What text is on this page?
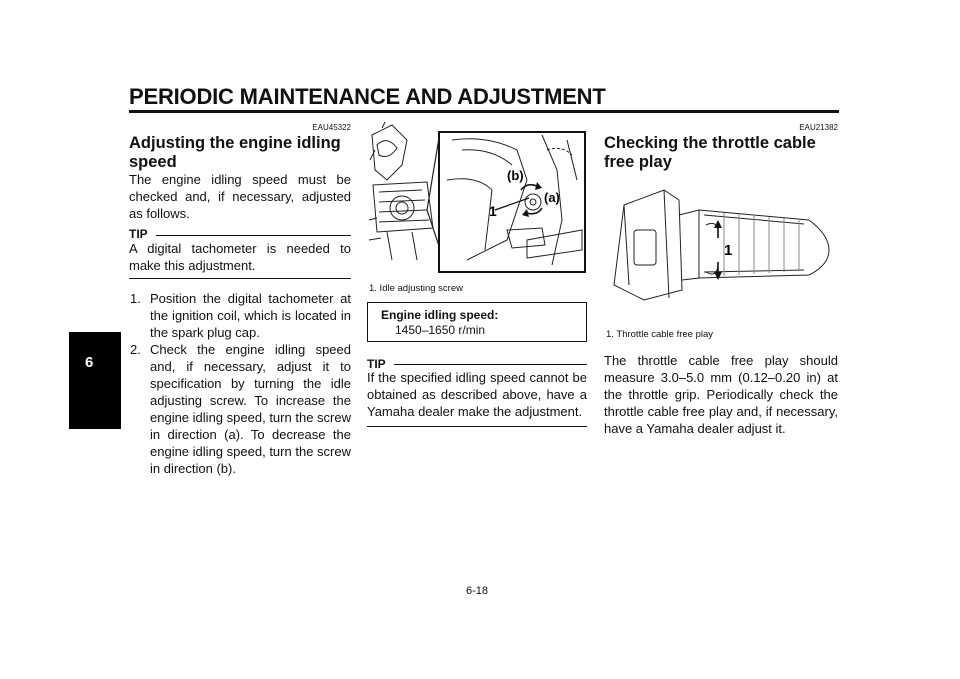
PERIODIC MAINTENANCE AND ADJUSTMENT
6
EAU45322
Adjusting the engine idling speed

The engine idling speed must be checked and, if necessary, adjusted as follows.

TIP
A digital tachometer is needed to make this adjustment.
1. Position the digital tachometer at the ignition coil, which is located in the spark plug cap.
2. Check the engine idling speed and, if necessary, adjust it to specification by turning the idle adjusting screw. To increase the engine idling speed, turn the screw in direction (a). To decrease the engine idling speed, turn the screw in direction (b).
(b)
(a)
1
1. Idle adjusting screw
Engine idling speed:
1450–1650 r/min
TIP
If the specified idling speed cannot be obtained as described above, have a Yamaha dealer make the adjustment.
EAU21382
Checking the throttle cable free play
1
1. Throttle cable free play

The throttle cable free play should measure 3.0–5.0 mm (0.12–0.20 in) at the throttle grip. Periodically check the throttle cable free play and, if necessary, have a Yamaha dealer adjust it.

6-18
